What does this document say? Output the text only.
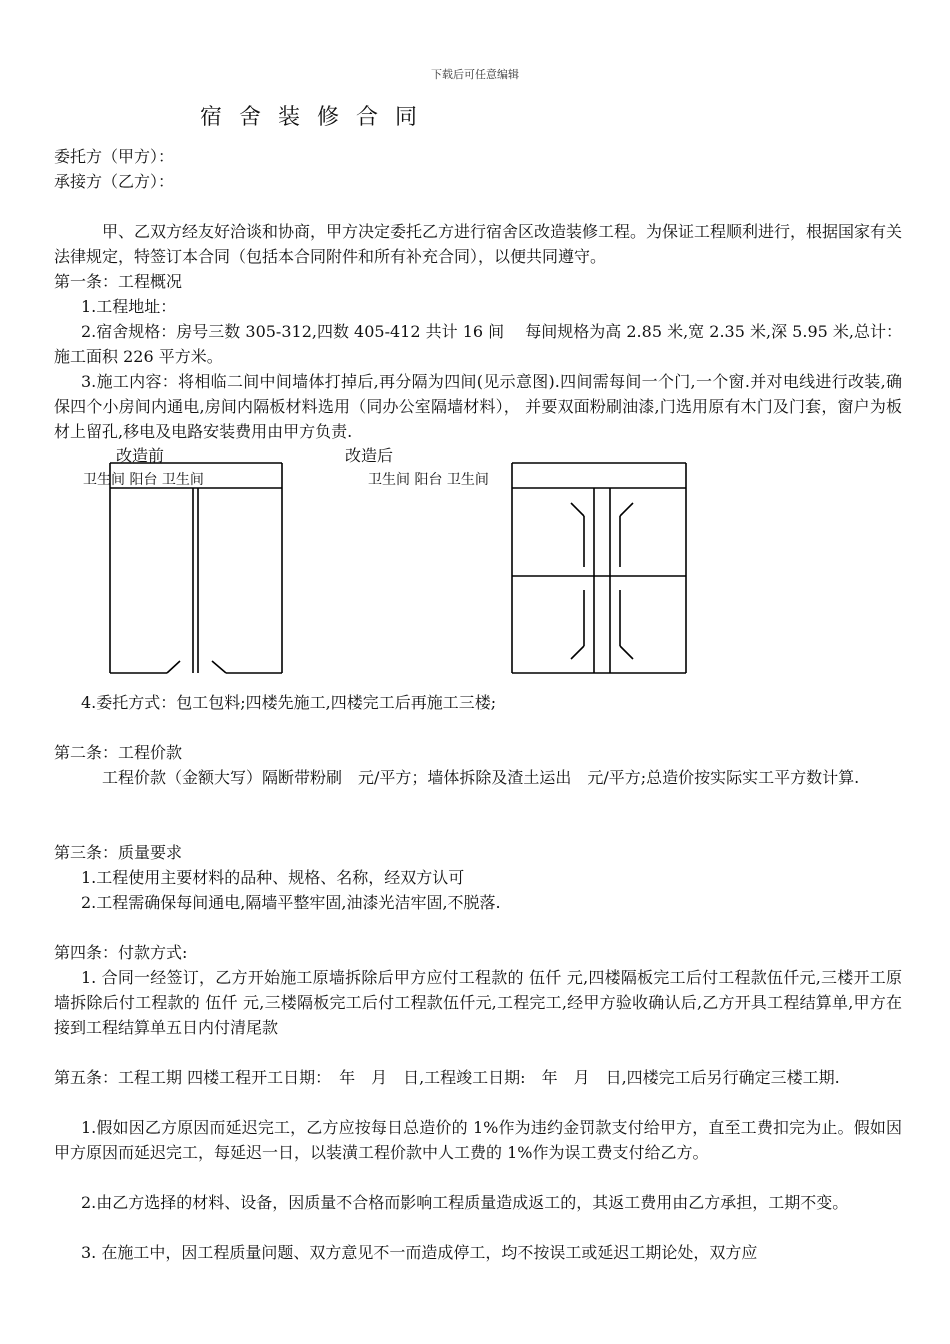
下载后可任意编辑
宿舍装修合同
委托方（甲方）：
承接方（乙方）：
甲、乙双方经友好洽谈和协商，甲方决定委托乙方进行宿舍区改造装修工程。为保证工程顺利进行，根据国家有关法律规定，特签订本合同（包括本合同附件和所有补充合同），以便共同遵守。
第一条：工程概况
1.工程地址：
2.宿舍规格：房号三数 305-312,四数 405-412 共计 16 间　 每间规格为高 2.85 米,宽 2.35 米,深 5.95 米,总计：施工面积 226 平方米。
3.施工内容：将相临二间中间墙体打掉后,再分隔为四间(见示意图).四间需每间一个门,一个窗.并对电线进行改装,确保四个小房间内通电,房间内隔板材料选用（同办公室隔墙材料）， 并要双面粉刷油漆,门选用原有木门及门套，窗户为板材上留孔,移电及电路安装费用由甲方负责.
改造前	改造后
卫生间 阳台 卫生间	卫生间 阳台 卫生间
4.委托方式：包工包料;四楼先施工,四楼完工后再施工三楼;
第二条：工程价款
工程价款（金额大写）隔断带粉刷　元/平方；墙体拆除及渣土运出　元/平方;总造价按实际实工平方数计算.
第三条：质量要求
1.工程使用主要材料的品种、规格、名称，经双方认可
2.工程需确保每间通电,隔墙平整牢固,油漆光洁牢固,不脱落.
第四条：付款方式:
1. 合同一经签订，乙方开始施工原墙拆除后甲方应付工程款的 伍仟 元,四楼隔板完工后付工程款伍仟元,三楼开工原墙拆除后付工程款的 伍仟 元,三楼隔板完工后付工程款伍仟元,工程完工,经甲方验收确认后,乙方开具工程结算单,甲方在接到工程结算单五日内付清尾款
第五条：工程工期 四楼工程开工日期：　年　月　日,工程竣工日期:　年　月　日,四楼完工后另行确定三楼工期.
1.假如因乙方原因而延迟完工，乙方应按每日总造价的 1%作为违约金罚款支付给甲方，直至工费扣完为止。假如因甲方原因而延迟完工，每延迟一日，以装潢工程价款中人工费的 1%作为误工费支付给乙方。
2.由乙方选择的材料、设备，因质量不合格而影响工程质量造成返工的，其返工费用由乙方承担，工期不变。
3. 在施工中，因工程质量问题、双方意见不一而造成停工，均不按误工或延迟工期论处，双方应
